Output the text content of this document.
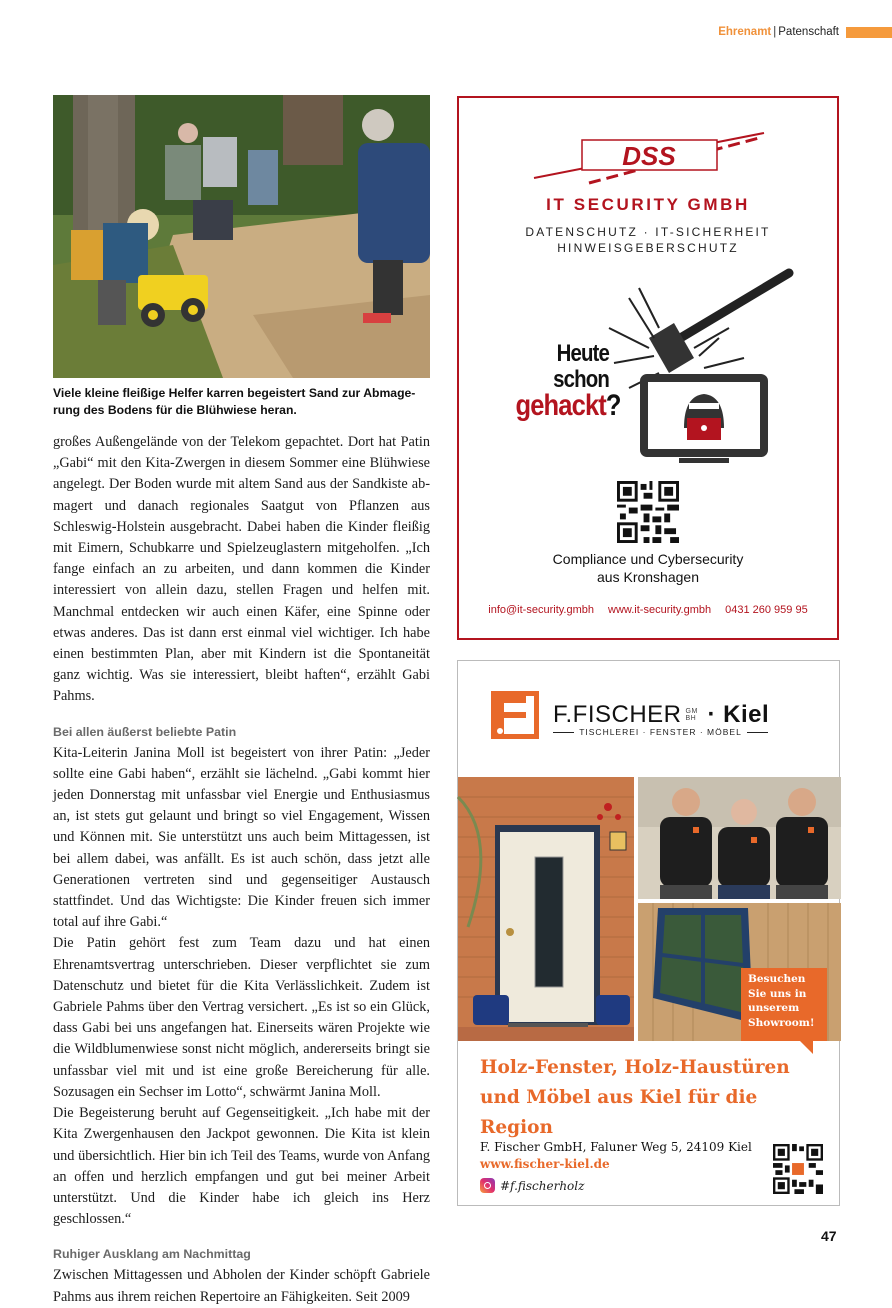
Ehrenamt | Patenschaft
Viele kleine fleißige Helfer karren begeistert Sand zur Abmage-rung des Bodens für die Blühwiese heran.

großes Außengelände von der Telekom gepachtet. Dort hat Patin „Gabi“ mit den Kita-Zwergen in diesem Sommer eine Blühwiese angelegt. Der Boden wurde mit altem Sand aus der Sandkiste abmagert und danach regionales Saatgut von Pflanzen aus Schleswig-Holstein ausgebracht. Dabei haben die Kinder fleißig mit Eimern, Schubkarre und Spielzeuglastern mitgeholfen. „Ich fange einfach an zu arbeiten, und dann kommen die Kinder interessiert von allein dazu, stellen Fragen und helfen mit. Manchmal entdecken wir auch einen Käfer, eine Spinne oder etwas anderes. Das ist dann erst einmal viel wichtiger. Ich habe einen bestimmten Plan, aber mit Kindern ist die Spontaneität ganz wichtig. Was sie interessiert, bleibt haften“, erzählt Gabi Pahms.

Bei allen äußerst beliebte Patin

Kita-Leiterin Janina Moll ist begeistert von ihrer Patin: „Jeder sollte eine Gabi haben“, erzählt sie lächelnd. „Gabi kommt hier jeden Donnerstag mit unfassbar viel Energie und Enthusiasmus an, ist stets gut gelaunt und bringt so viel Engagement, Wissen und Können mit. Sie unterstützt uns auch beim Mittagessen, ist bei allem dabei, was anfällt. Es ist auch schön, dass jetzt alle Generationen vertreten sind und gegenseitiger Austausch stattfindet. Und das Wichtigste: Die Kinder freuen sich immer total auf ihre Gabi.“

Die Patin gehört fest zum Team dazu und hat einen Ehrenamtsvertrag unterschrieben. Dieser verpflichtet sie zum Datenschutz und bietet für die Kita Verlässlichkeit. Zudem ist Gabriele Pahms über den Vertrag versichert. „Es ist so ein Glück, dass Gabi bei uns angefangen hat. Einerseits wären Projekte wie die Wildblumenwiese sonst nicht möglich, andererseits bringt sie unfassbar viel mit und ist eine große Bereicherung für alle. Sozusagen ein Sechser im Lotto“, schwärmt Janina Moll.

Die Begeisterung beruht auf Gegenseitigkeit. „Ich habe mit der Kita Zwergenhausen den Jackpot gewonnen. Die Kita ist klein und übersichtlich. Hier bin ich Teil des Teams, wurde von Anfang an offen und herzlich empfangen und gut bei meiner Arbeit unterstützt. Und die Kinder habe ich gleich ins Herz geschlossen.“

Ruhiger Ausklang am Nachmittag

Zwischen Mittagessen und Abholen der Kinder schöpft Gabriele Pahms aus ihrem reichen Repertoire an Fähigkeiten. Seit 2009

DSS
IT SECURITY GMBH
DATENSCHUTZ · IT-SICHERHEIT
HINWEISGEBERSCHUTZ
Heute
schon
gehackt?
Compliance und Cybersecurity
aus Kronshagen
info@it-security.gmbh www.it-security.gmbh 0431 260 959 95
F.FISCHER GM
BH · Kiel
TISCHLEREI · FENSTER · MÖBEL
Besuchen Sie uns in unserem Showroom!
Holz-Fenster, Holz-Haustüren
und Möbel aus Kiel für die Region
F. Fischer GmbH, Faluner Weg 5, 24109 Kiel
www.fischer-kiel.de
#f.fischerholz
47
